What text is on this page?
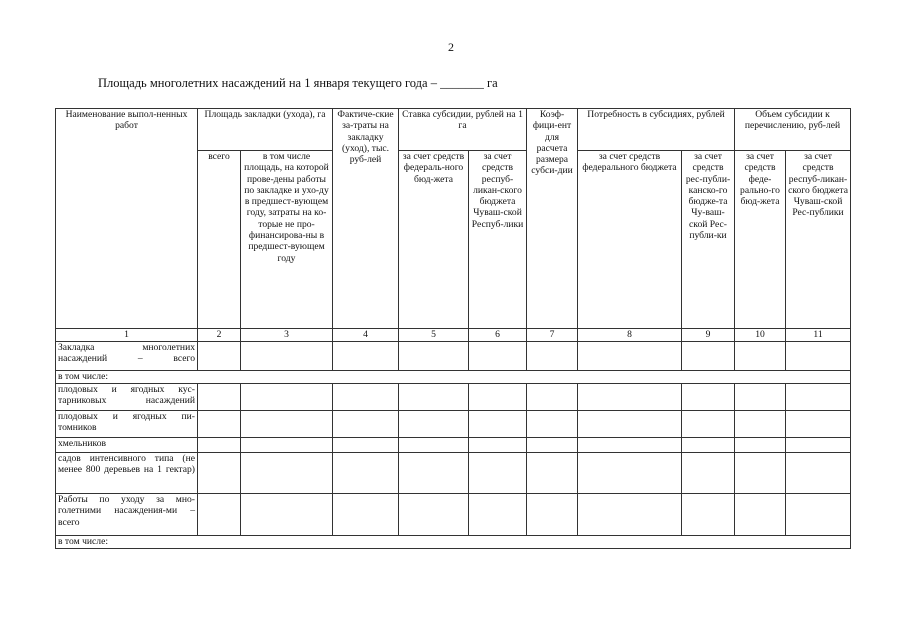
2
Площадь многолетних насаждений на 1 января текущего года – _______ га
Наименование выпол-ненных работ	Площадь закладки (ухода), га		Фактиче-ские за-траты на закладку (уход), тыс. руб-лей	Ставка субсидии, рублей на 1 га		Коэф-фици-ент для расчета размера субси-дии	Потребность в субсидиях, рублей		Объем субсидии к перечислению, руб-лей	
	всего	в том числе площадь, на которой прове-дены работы по закладке и ухо-ду в предшест-вующем году, затраты на ко-торые не про-финансирова-ны в предшест-вующем году		за счет средств федераль-ного бюд-жета	за счет средств респуб-ликан-ского бюджета Чуваш-ской Респуб-лики		за счет средств федерального бюджета	за счет средств рес-публи-канско-го бюдже-та Чу-ваш-ской Рес-публи-ки	за счет средств феде-рально-го бюд-жета	за счет средств респуб-ликан-ского бюджета Чуваш-ской Рес-публики
1	2	3	4	5	6	7	8	9	10	11
Закладка многолетних насаждений – всего										
в том числе:										
плодовых и ягодных кус-тарниковых насаждений										
плодовых и ягодных пи-томников										
хмельников										
садов интенсивного типа (не менее 800 деревьев на 1 гектар)										
Работы по уходу за мно-голетними насаждения-ми – всего										
в том числе:										
